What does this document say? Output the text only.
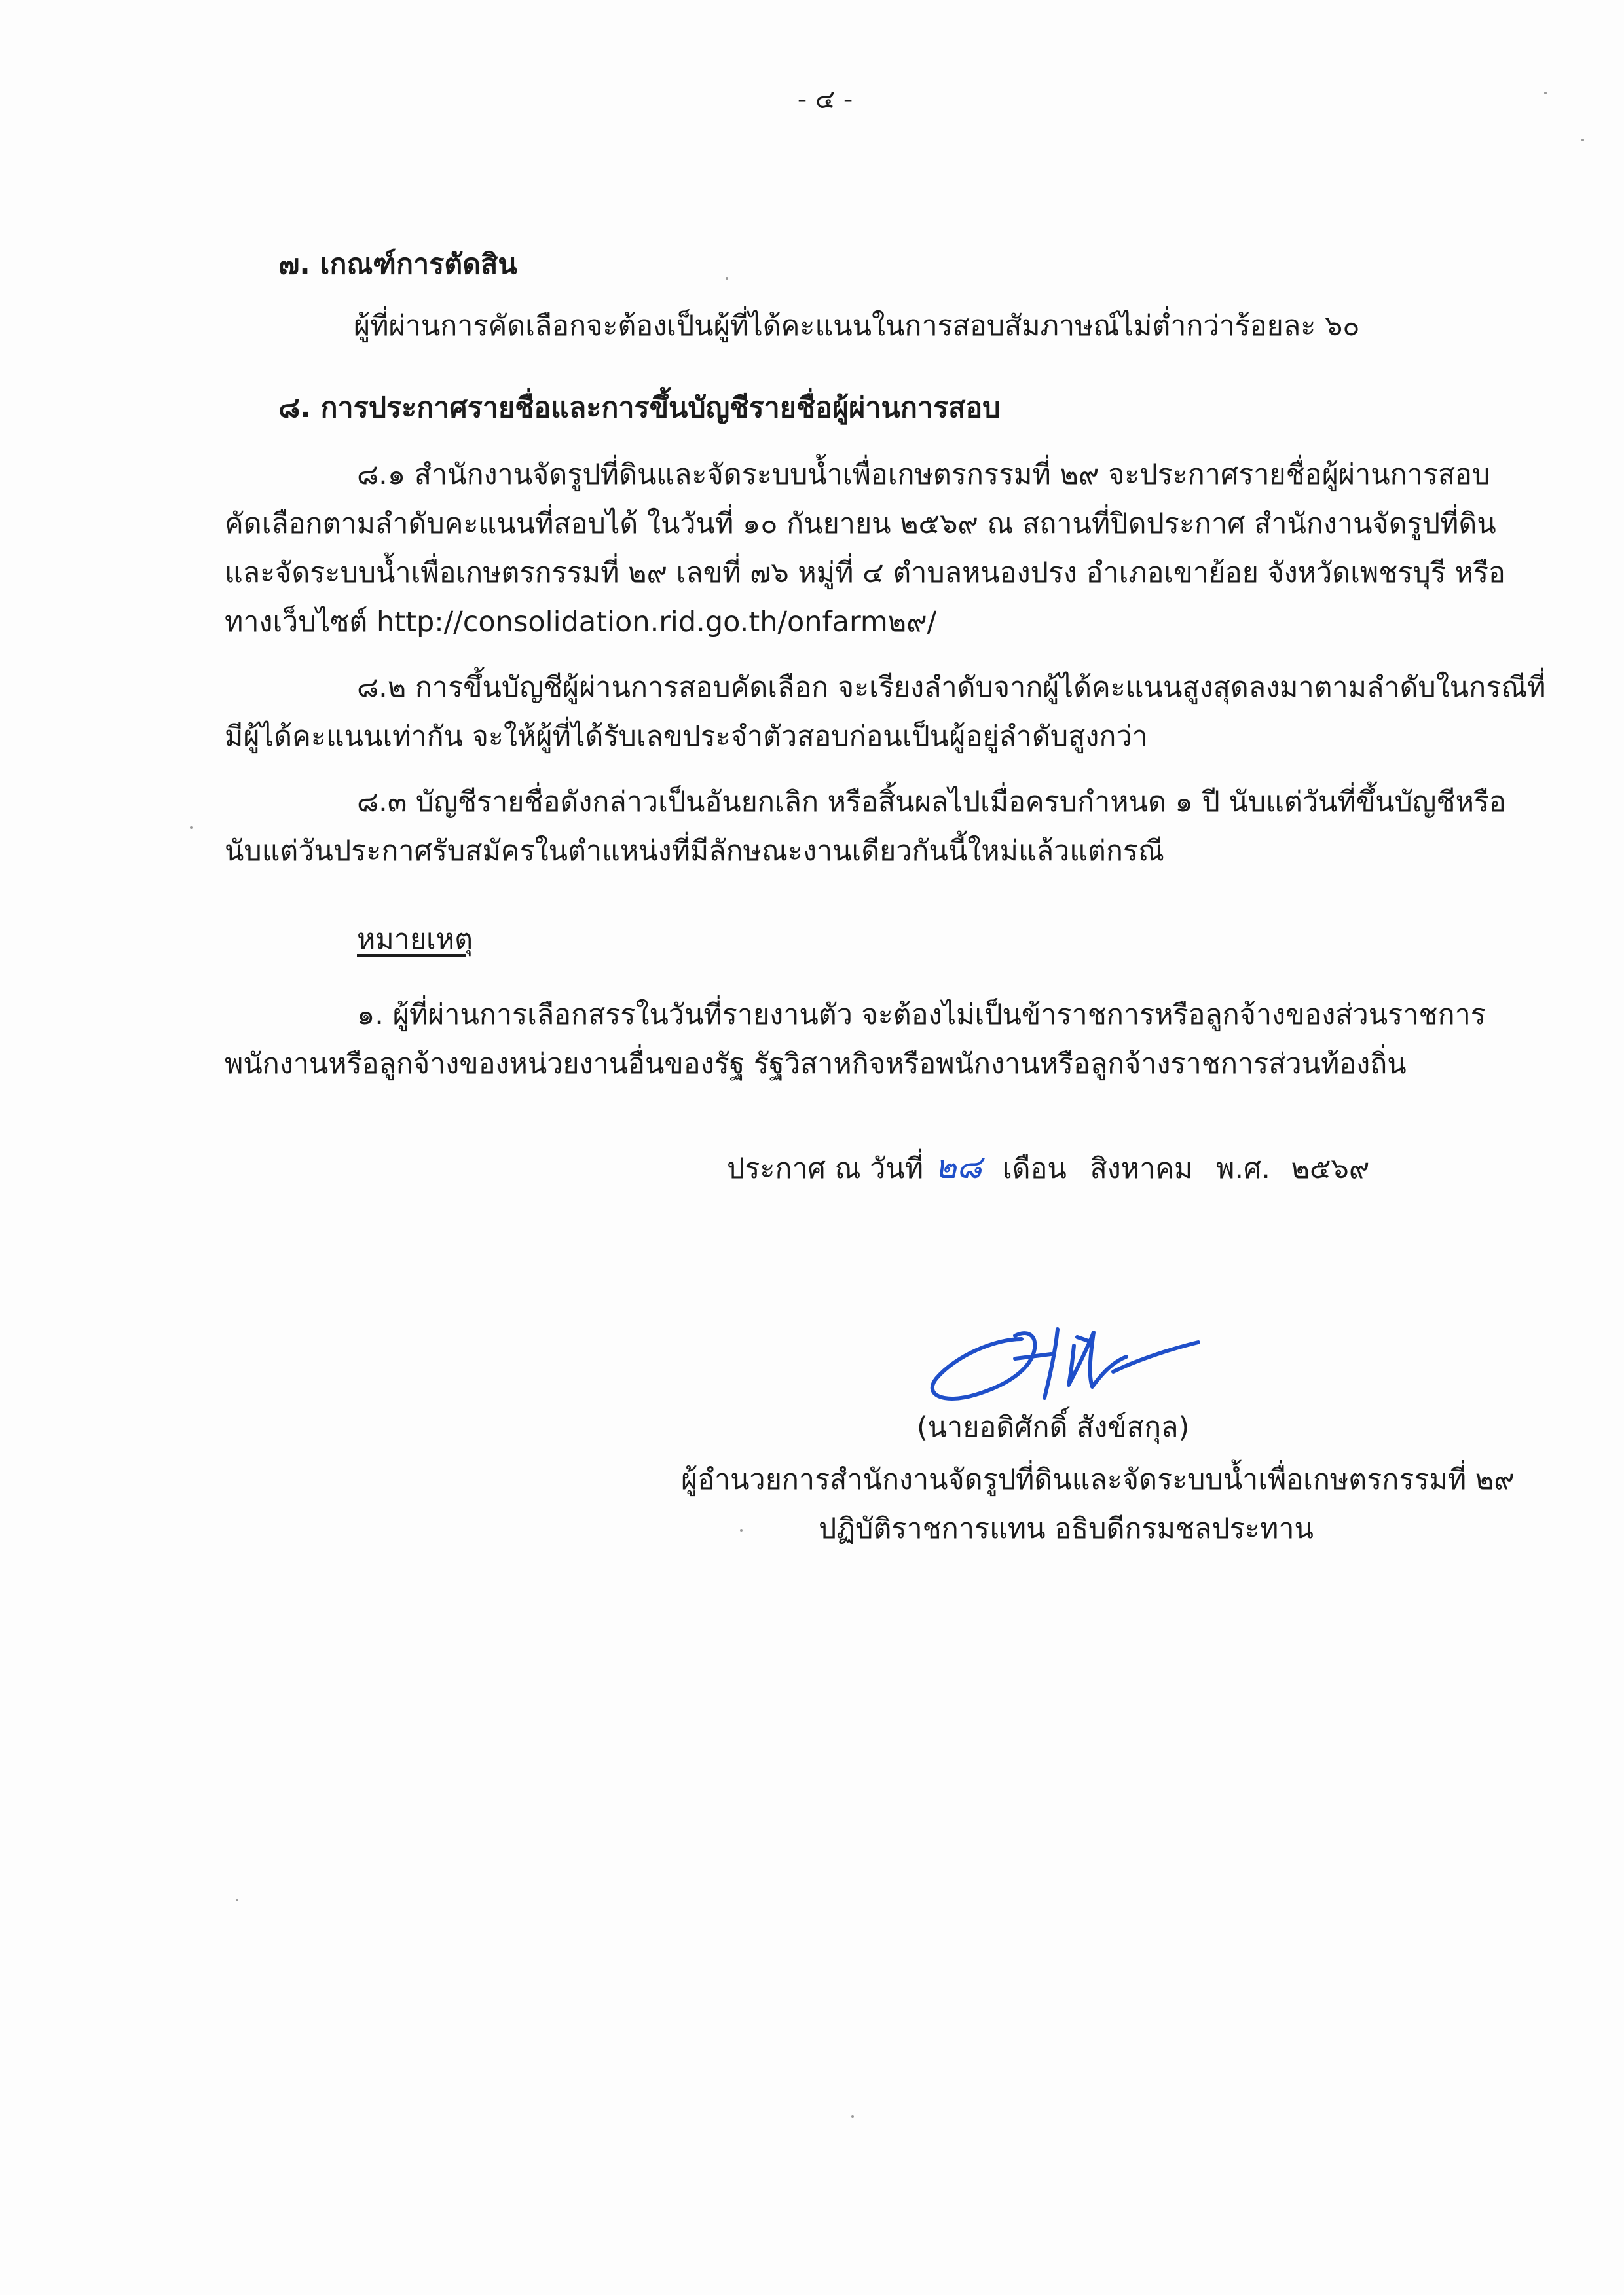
- ๔ -
๗. เกณฑ์การตัดสิน
ผู้ที่ผ่านการคัดเลือกจะต้องเป็นผู้ที่ได้คะแนนในการสอบสัมภาษณ์ไม่ต่ำกว่าร้อยละ ๖๐
๘. การประกาศรายชื่อและการขึ้นบัญชีรายชื่อผู้ผ่านการสอบ
๘.๑ สำนักงานจัดรูปที่ดินและจัดระบบน้ำเพื่อเกษตรกรรมที่ ๒๙ จะประกาศรายชื่อผู้ผ่านการสอบ
คัดเลือกตามลำดับคะแนนที่สอบได้ ในวันที่ ๑๐ กันยายน ๒๕๖๙ ณ สถานที่ปิดประกาศ สำนักงานจัดรูปที่ดิน
และจัดระบบน้ำเพื่อเกษตรกรรมที่ ๒๙ เลขที่ ๗๖ หมู่ที่ ๔ ตำบลหนองปรง อำเภอเขาย้อย จังหวัดเพชรบุรี หรือ
ทางเว็บไซต์ http://consolidation.rid.go.th/onfarm๒๙/
๘.๒ การขึ้นบัญชีผู้ผ่านการสอบคัดเลือก จะเรียงลำดับจากผู้ได้คะแนนสูงสุดลงมาตามลำดับในกรณีที่
มีผู้ได้คะแนนเท่ากัน จะให้ผู้ที่ได้รับเลขประจำตัวสอบก่อนเป็นผู้อยู่ลำดับสูงกว่า
๘.๓ บัญชีรายชื่อดังกล่าวเป็นอันยกเลิก หรือสิ้นผลไปเมื่อครบกำหนด ๑ ปี นับแต่วันที่ขึ้นบัญชีหรือ
นับแต่วันประกาศรับสมัครในตำแหน่งที่มีลักษณะงานเดียวกันนี้ใหม่แล้วแต่กรณี
หมายเหตุ
๑. ผู้ที่ผ่านการเลือกสรรในวันที่รายงานตัว จะต้องไม่เป็นข้าราชการหรือลูกจ้างของส่วนราชการ
พนักงานหรือลูกจ้างของหน่วยงานอื่นของรัฐ รัฐวิสาหกิจหรือพนักงานหรือลูกจ้างราชการส่วนท้องถิ่น
ประกาศ ณ วันที่ ๒๘ เดือน สิงหาคม พ.ศ. ๒๕๖๙
(นายอดิศักดิ์ สังข์สกุล)
ผู้อำนวยการสำนักงานจัดรูปที่ดินและจัดระบบน้ำเพื่อเกษตรกรรมที่ ๒๙
ปฏิบัติราชการแทน อธิบดีกรมชลประทาน
